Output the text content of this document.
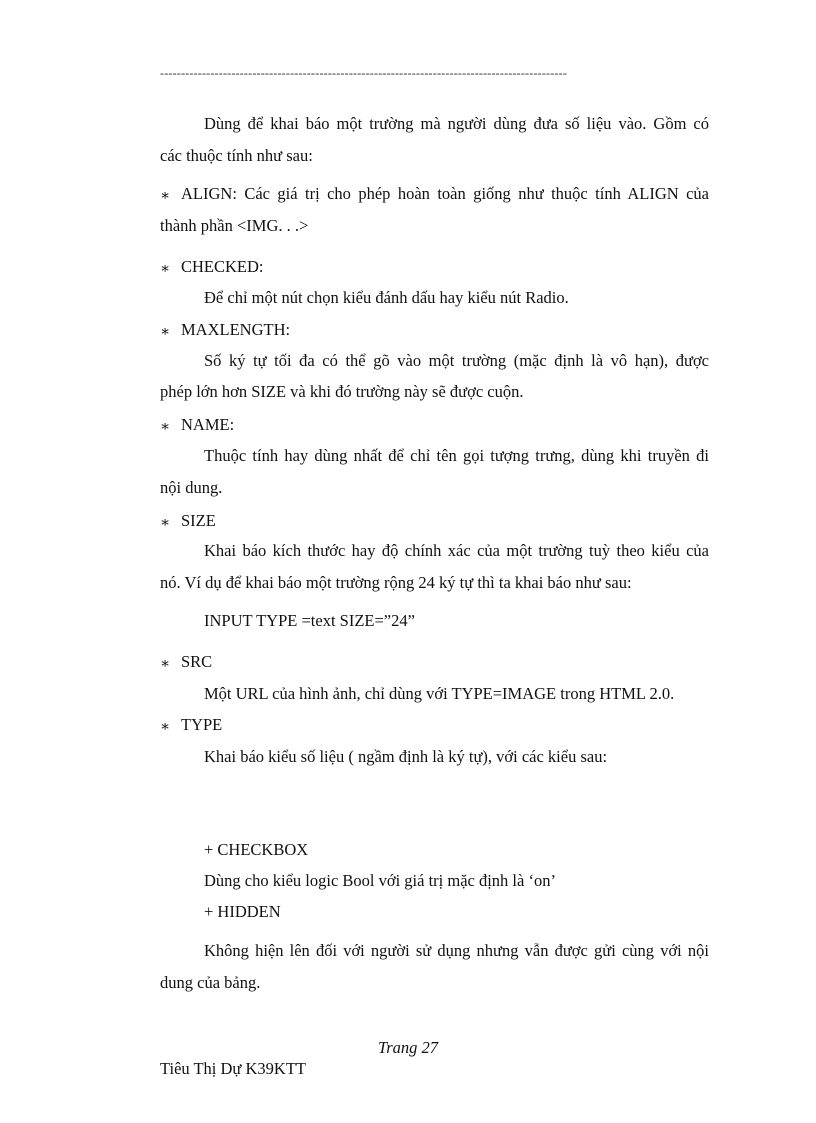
-------------------------------------------------------------------------------------------------
Dùng để khai báo một trường mà người dùng đưa số liệu vào. Gồm có
các thuộc tính như sau:
∗ ALIGN: Các giá trị cho phép hoàn toàn giống như thuộc tính ALIGN của
thành phần <IMG. . .>
∗ CHECKED:
Để chỉ một nút chọn kiểu đánh dấu hay kiểu nút Radio.
∗ MAXLENGTH:
Số ký tự tối đa có thể gõ vào một trường (mặc định là vô hạn), được
phép lớn hơn SIZE và khi đó trường này sẽ được cuộn.
∗ NAME:
Thuộc tính hay dùng nhất để chỉ tên gọi tượng trưng, dùng khi truyền đi
nội dung.
∗ SIZE
Khai báo kích thước hay độ chính xác của một trường tuỳ theo kiểu của
nó. Ví dụ để khai báo một trường rộng 24 ký tự thì ta khai báo như sau:
INPUT TYPE =text SIZE=”24”
∗ SRC
Một URL của hình ảnh, chỉ dùng với TYPE=IMAGE trong HTML 2.0.
∗ TYPE
Khai báo kiểu số liệu ( ngầm định là ký tự), với các kiểu sau:
+ CHECKBOX
Dùng cho kiểu logic Bool với giá trị mặc định là ‘on’
+ HIDDEN
Không hiện lên đối với người sử dụng nhưng vẫn được gửi cùng với nội
dung của bảng.
Trang 27
Tiêu Thị Dự K39KTT
